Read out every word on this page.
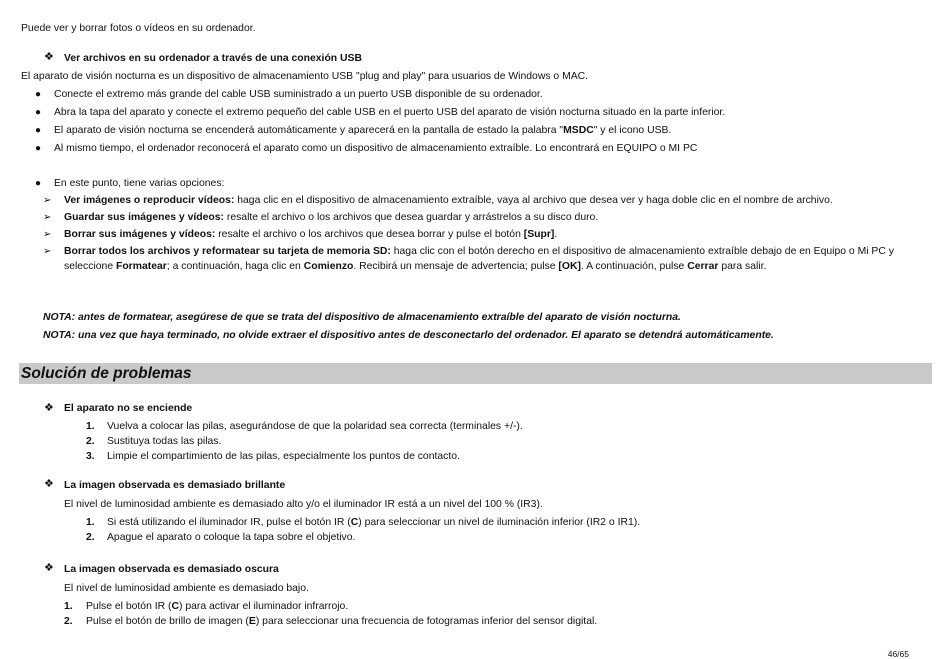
Puede ver y borrar fotos o vídeos en su ordenador.
❖ Ver archivos en su ordenador a través de una conexión USB
El aparato de visión nocturna es un dispositivo de almacenamiento USB "plug and play" para usuarios de Windows o MAC.
● Conecte el extremo más grande del cable USB suministrado a un puerto USB disponible de su ordenador.
● Abra la tapa del aparato y conecte el extremo pequeño del cable USB en el puerto USB del aparato de visión nocturna situado en la parte inferior.
● El aparato de visión nocturna se encenderá automáticamente y aparecerá en la pantalla de estado la palabra "MSDC" y el icono USB.
● Al mismo tiempo, el ordenador reconocerá el aparato como un dispositivo de almacenamiento extraíble. Lo encontrará en EQUIPO o MI PC
● En este punto, tiene varias opciones:
➢ Ver imágenes o reproducir vídeos: haga clic en el dispositivo de almacenamiento extraíble, vaya al archivo que desea ver y haga doble clic en el nombre de archivo.
➢ Guardar sus imágenes y vídeos: resalte el archivo o los archivos que desea guardar y arrástrelos a su disco duro.
➢ Borrar sus imágenes y vídeos: resalte el archivo o los archivos que desea borrar y pulse el botón [Supr].
➢ Borrar todos los archivos y reformatear su tarjeta de memoria SD: haga clic con el botón derecho en el dispositivo de almacenamiento extraíble debajo de en Equipo o Mi PC y
seleccione Formatear; a continuación, haga clic en Comienzo. Recibirá un mensaje de advertencia; pulse [OK]. A continuación, pulse Cerrar para salir.
NOTA: antes de formatear, asegúrese de que se trata del dispositivo de almacenamiento extraíble del aparato de visión nocturna.
NOTA: una vez que haya terminado, no olvide extraer el dispositivo antes de desconectarlo del ordenador. El aparato se detendrá automáticamente.
Solución de problemas
❖ El aparato no se enciende
1. Vuelva a colocar las pilas, asegurándose de que la polaridad sea correcta (terminales +/-).
2. Sustituya todas las pilas.
3. Limpie el compartimiento de las pilas, especialmente los puntos de contacto.
❖ La imagen observada es demasiado brillante
El nivel de luminosidad ambiente es demasiado alto y/o el iluminador IR está a un nivel del 100 % (IR3).
1. Si está utilizando el iluminador IR, pulse el botón IR (C) para seleccionar un nivel de iluminación inferior (IR2 o IR1).
2. Apague el aparato o coloque la tapa sobre el objetivo.
❖ La imagen observada es demasiado oscura
El nivel de luminosidad ambiente es demasiado bajo.
1. Pulse el botón IR (C) para activar el iluminador infrarrojo.
2. Pulse el botón de brillo de imagen (E) para seleccionar una frecuencia de fotogramas inferior del sensor digital.
46/65
